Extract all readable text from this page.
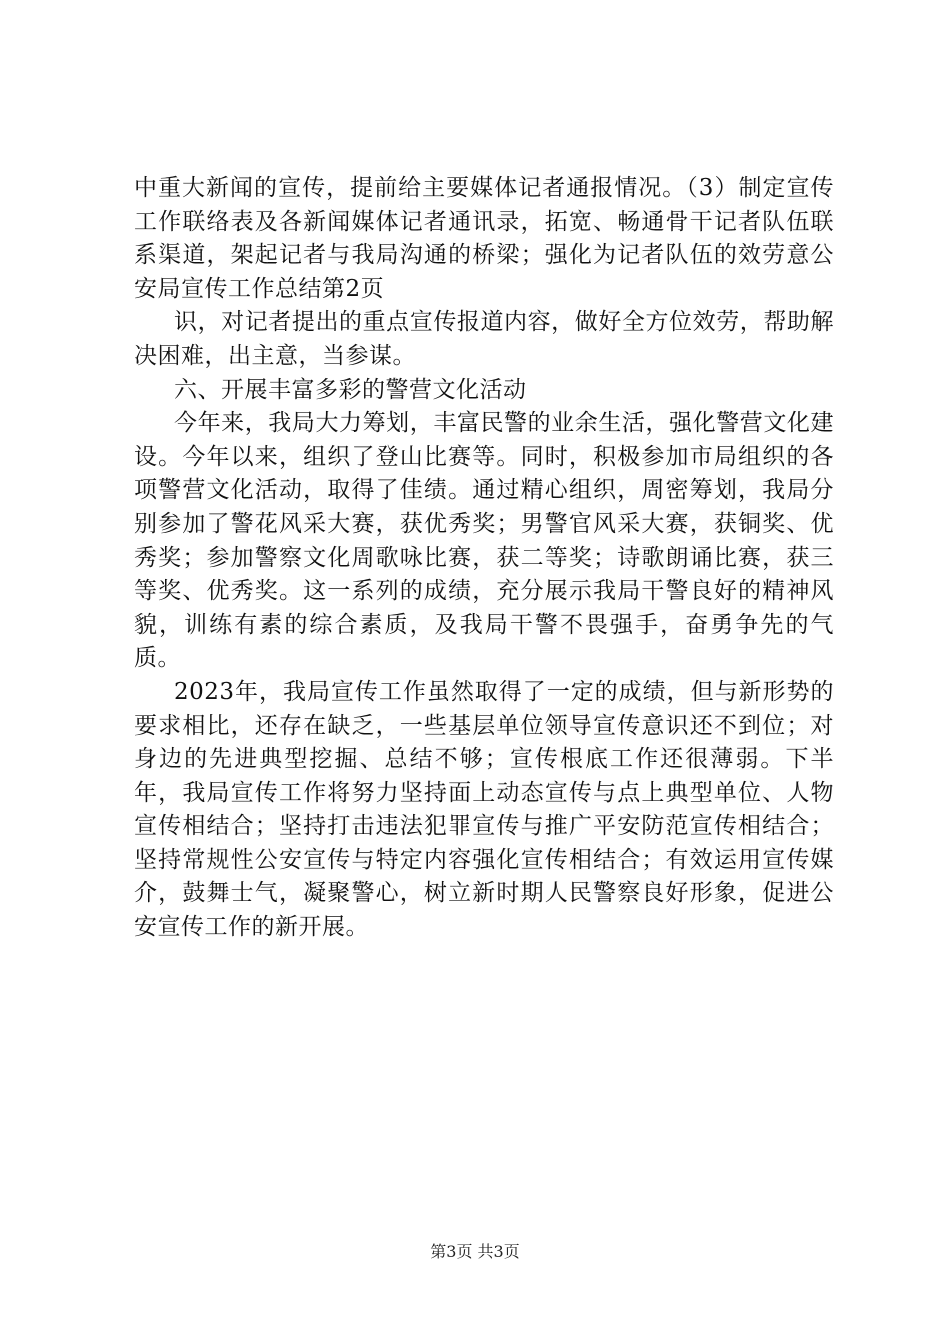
中重大新闻的宣传，提前给主要媒体记者通报情况。（3）制定宣传工作联络表及各新闻媒体记者通讯录，拓宽、畅通骨干记者队伍联系渠道，架起记者与我局沟通的桥梁；强化为记者队伍的效劳意公安局宣传工作总结第2页

识，对记者提出的重点宣传报道内容，做好全方位效劳，帮助解决困难，出主意，当参谋。

六、开展丰富多彩的警营文化活动

今年来，我局大力筹划，丰富民警的业余生活，强化警营文化建设。今年以来，组织了登山比赛等。同时，积极参加市局组织的各项警营文化活动，取得了佳绩。通过精心组织，周密筹划，我局分别参加了警花风采大赛，获优秀奖；男警官风采大赛，获铜奖、优秀奖；参加警察文化周歌咏比赛，获二等奖；诗歌朗诵比赛，获三等奖、优秀奖。这一系列的成绩，充分展示我局干警良好的精神风貌，训练有素的综合素质，及我局干警不畏强手，奋勇争先的气质。

2023年，我局宣传工作虽然取得了一定的成绩，但与新形势的要求相比，还存在缺乏，一些基层单位领导宣传意识还不到位；对身边的先进典型挖掘、总结不够；宣传根底工作还很薄弱。下半年，我局宣传工作将努力坚持面上动态宣传与点上典型单位、人物宣传相结合；坚持打击违法犯罪宣传与推广平安防范宣传相结合；坚持常规性公安宣传与特定内容强化宣传相结合；有效运用宣传媒介，鼓舞士气，凝聚警心，树立新时期人民警察良好形象，促进公安宣传工作的新开展。

第3页 共3页
